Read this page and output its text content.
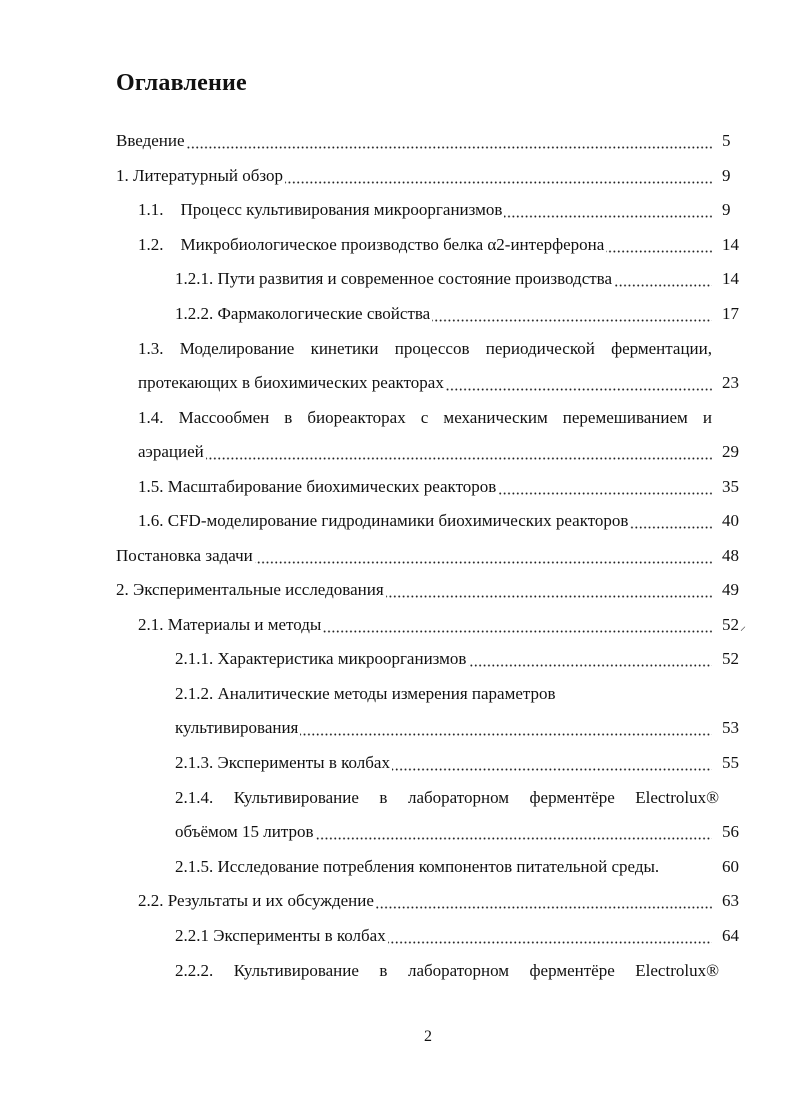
Оглавление
Введение	5
1. Литературный обзор	9
1.1.    Процесс культивирования микроорганизмов	9
1.2.    Микробиологическое производство белка α2-интерферона	14
1.2.1. Пути развития и современное состояние производства	14
1.2.2. Фармакологические свойства	17
1.3. Моделирование кинетики процессов периодической ферментации,
протекающих в биохимических реакторах	23
1.4. Массообмен в биореакторах с механическим перемешиванием и
аэрацией	29
1.5. Масштабирование биохимических реакторов	35
1.6. CFD-моделирование гидродинамики биохимических реакторов	40
Постановка задачи	48
2. Экспериментальные исследования	49
2.1. Материалы и методы	52⸝
2.1.1. Характеристика микроорганизмов	52
2.1.2. Аналитические методы измерения параметров
культивирования	53
2.1.3. Эксперименты в колбах	55
2.1.4. Культивирование в лабораторном ферментёре Electrolux®
объёмом 15 литров	56
2.1.5. Исследование потребления компонентов питательной среды.	60
2.2. Результаты и их обсуждение	63
2.2.1 Эксперименты в колбах	64
2.2.2. Культивирование в лабораторном ферментёре Electrolux®
2
